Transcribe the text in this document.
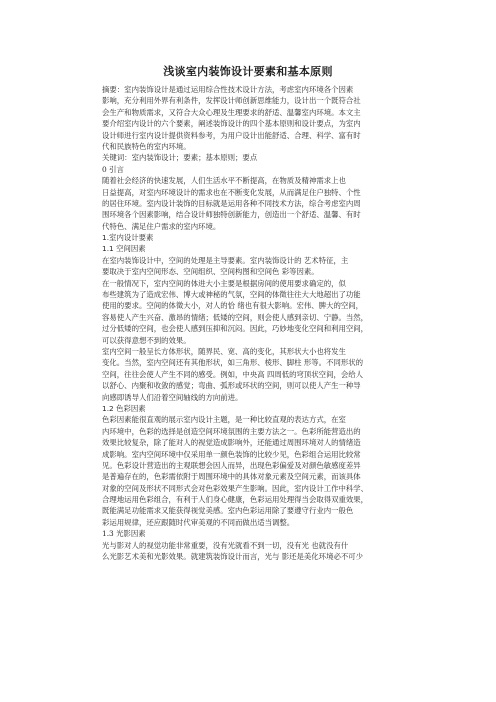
浅谈室内装饰设计要素和基本原则
摘要：室内装饰设计是通过运用综合性技术设计方法，考虑室内环境各个因素
影响，充分利用外界有利条件，发挥设计师创新思维能力，设计出一个既符合社
会生产和物质需求，又符合大众心理及生理要求的舒适、温馨室内环境。本文主
要介绍室内设计的六个要素，阐述装饰设计的四个基本原则和设计要点，为室内
设计师进行室内设计提供资料参考，为用户设计出能舒适、合理、科学、富有时
代和民族特色的室内环境。
关键词：室内装饰设计；要素；基本原则；要点
0 引言
随着社会经济的快速发展，人们生活水平不断提高，在物质及精神需求上也
日益提高，对室内环境设计的需求也在不断变化发展，从而满足住户独特、个性
的居住环境。室内设计装饰的目标就是运用各种不同技术方法，综合考虑室内周
围环境各个因素影响，结合设计师独特创新能力，创造出一个舒适、温馨、有时
代特色、满足住户需求的室内环境。
1.室内设计要素
1.1 空间因素
在室内装饰设计中，空间的处理是主导要素。室内装饰设计的 艺术特征，主
要取决于室内空间形态、空间组织、空间构图和空间色 彩等因素。
在一般情况下，室内空间的体进大小主要是根据房间的使用要求确定的，似
布些建筑为了造成宏伟、博大或神秘的气氛，空间的体徵往往大大地超出了功能
使用的要求。空间的体徵大小，对人的恰 绪也有很大影响。宏伟、脾大的空间，
容易使人产生兴奋、激昂的情绪；低矮的空间，则会使人感到亲切、宁静。当然，
过分低矮的空间，也会使人感到压抑和沉闷。因此，巧妙地变化空间和利用空间，
可以获得意想不到的效果。
室内空间一般呈长方体形状，随界民、宽、高的变化，其形状大小也将发生
变化。当然，室内空间还有其他形状，如三角形、棱形、脚柱 形等。不同形状的
空间，往往会使人产生不同的感受。例如，中央高 四周低的穹顶状空间，会给人
以舒心、内聚和收敛的感觉；弯曲、弧形或环状的空间，则可以使人产生一种导
向感即诱导人们沿着空间轴线的方向前进。
1.2 色彩因素
色彩因素能很直观的展示室内设计主题，是一种比较直观的表达方式，在室
内环境中，色彩的选择是创造空间环境氛围的主要方法之一。色彩所能营造出的
效果比较复杂，除了能对人的视觉造成影响外，还能通过周围环境对人的情绪造
成影响。室内空间环境中仅采用单一颜色装饰的比较少见，色彩组合运用比较常
见。色彩设计营造出的主观联想会因人而异，出现色彩偏爱及对颜色敏感度差异
是普遍存在的，色彩需依附于周围环境中的具体对象元素及空间元素，而该具体
对象的空间及形状不同形式会对色彩效果产生影响。因此，室内设计工作中科学、
合理地运用色彩组合，有利于人们身心健康，色彩运用处理得当会取得双重效果，
既能满足功能需求又能获得视觉美感。室内色彩运用除了要遵守行业内一般色
彩运用规律，还应跟随时代审美观的不同而做出适当调整。
1.3 光影因素
光与影对人的视觉功能非常重要，没有光就看不到一切，没有光 也就没有什
么光影艺术美和光影效果。就建筑装饰设计而言，光与 影还是美化环境必不可少
